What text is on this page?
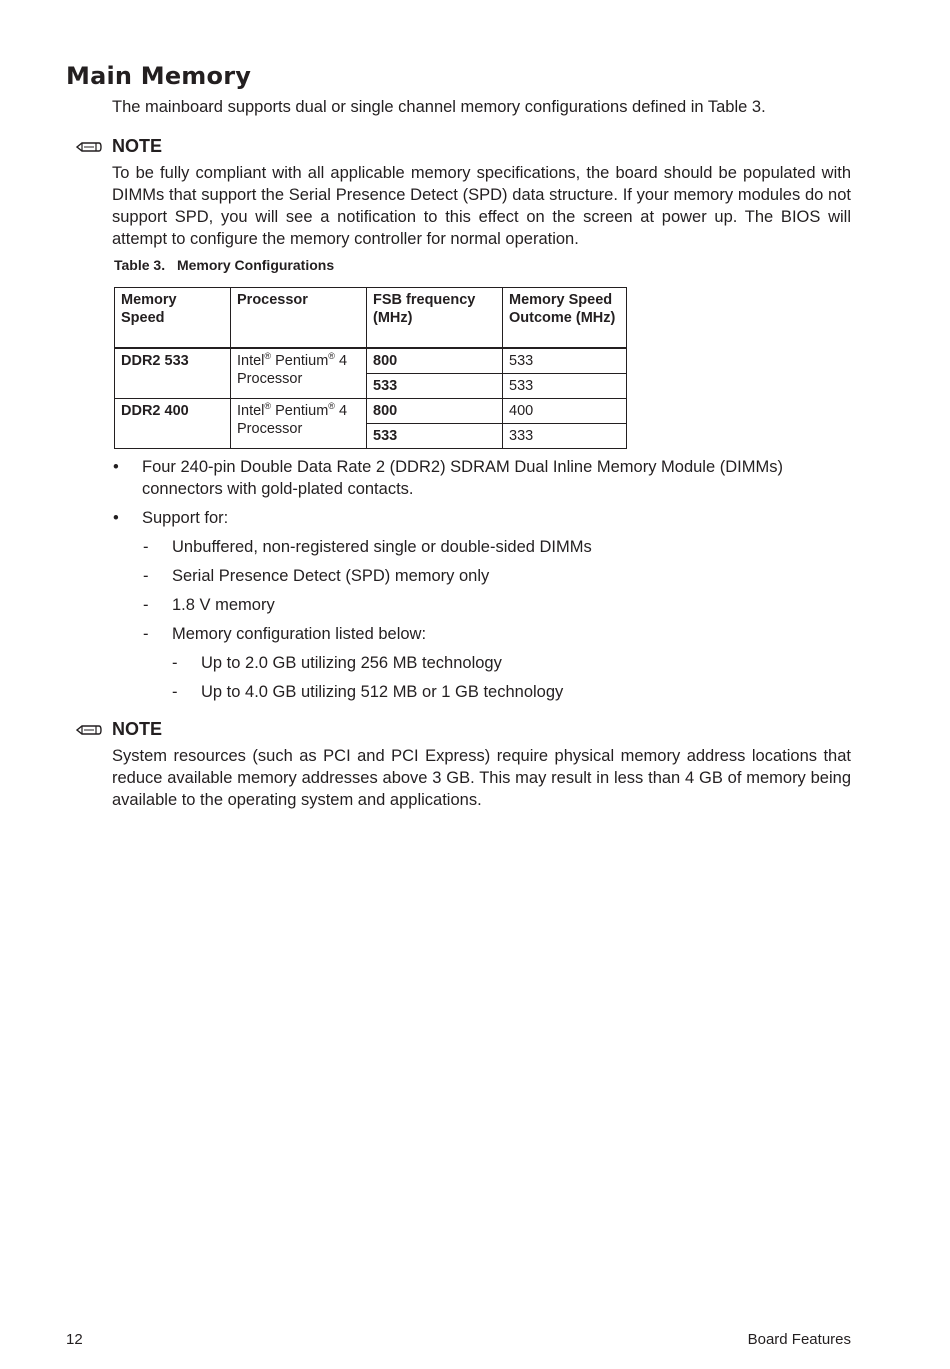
Main Memory
The mainboard supports dual or single channel memory configurations defined in Table 3.
NOTE
To be fully compliant with all applicable memory specifications, the board should be populated with DIMMs that support the Serial Presence Detect (SPD) data structure. If your memory modules do not support SPD, you will see a notification to this effect on the screen at power up. The BIOS will attempt to configure the memory controller for normal operation.
Table 3. Memory Configurations
Memory Speed	Processor	FSB frequency (MHz)	Memory Speed Outcome (MHz)
DDR2 533	Intel® Pentium® 4 Processor	800	533
		533	533
DDR2 400	Intel® Pentium® 4 Processor	800	400
		533	333
• Four 240-pin Double Data Rate 2 (DDR2) SDRAM Dual Inline Memory Module (DIMMs)
connectors with gold-plated contacts.
• Support for:
- Unbuffered, non-registered single or double-sided DIMMs
- Serial Presence Detect (SPD) memory only
- 1.8 V memory
- Memory configuration listed below:
- Up to 2.0 GB utilizing 256 MB technology
- Up to 4.0 GB utilizing 512 MB or 1 GB technology
NOTE
System resources (such as PCI and PCI Express) require physical memory address locations that reduce available memory addresses above 3 GB. This may result in less than 4 GB of memory being available to the operating system and applications.
12	Board Features
